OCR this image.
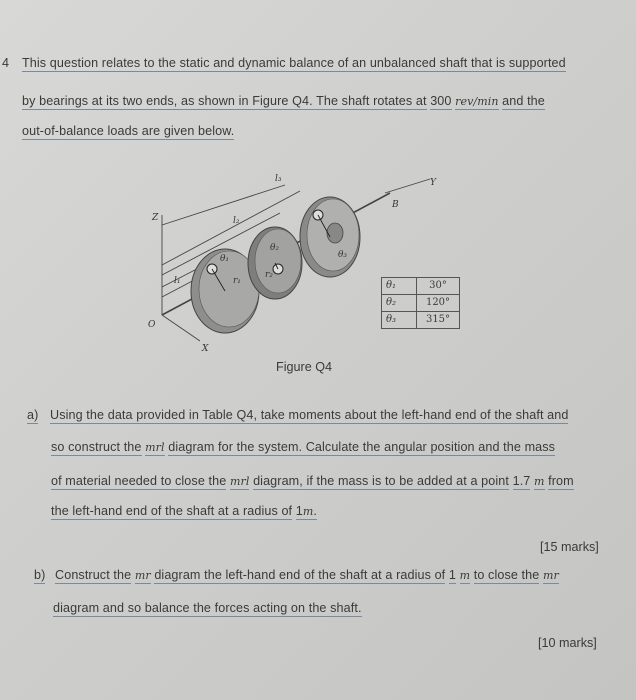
4 This question relates to the static and dynamic balance of an unbalanced shaft that is supported
by bearings at its two ends, as shown in Figure Q4. The shaft rotates at 300 rev/min and the
out-of-balance loads are given below.
Z
O
X
Y
B
l₁
l₂
l₃
r₁
r₂
θ₁
θ₂
θ₃
θ₁	30°
θ₂	120°
θ₃	315°
Figure Q4
a) Using the data provided in Table Q4, take moments about the left-hand end of the shaft and
so construct the mrl diagram for the system. Calculate the angular position and the mass
of material needed to close the mrl diagram, if the mass is to be added at a point 1.7 m from
the left-hand end of the shaft at a radius of 1m.
[15 marks]
b) Construct the mr diagram the left-hand end of the shaft at a radius of 1 m to close the mr
diagram and so balance the forces acting on the shaft.
[10 marks]
